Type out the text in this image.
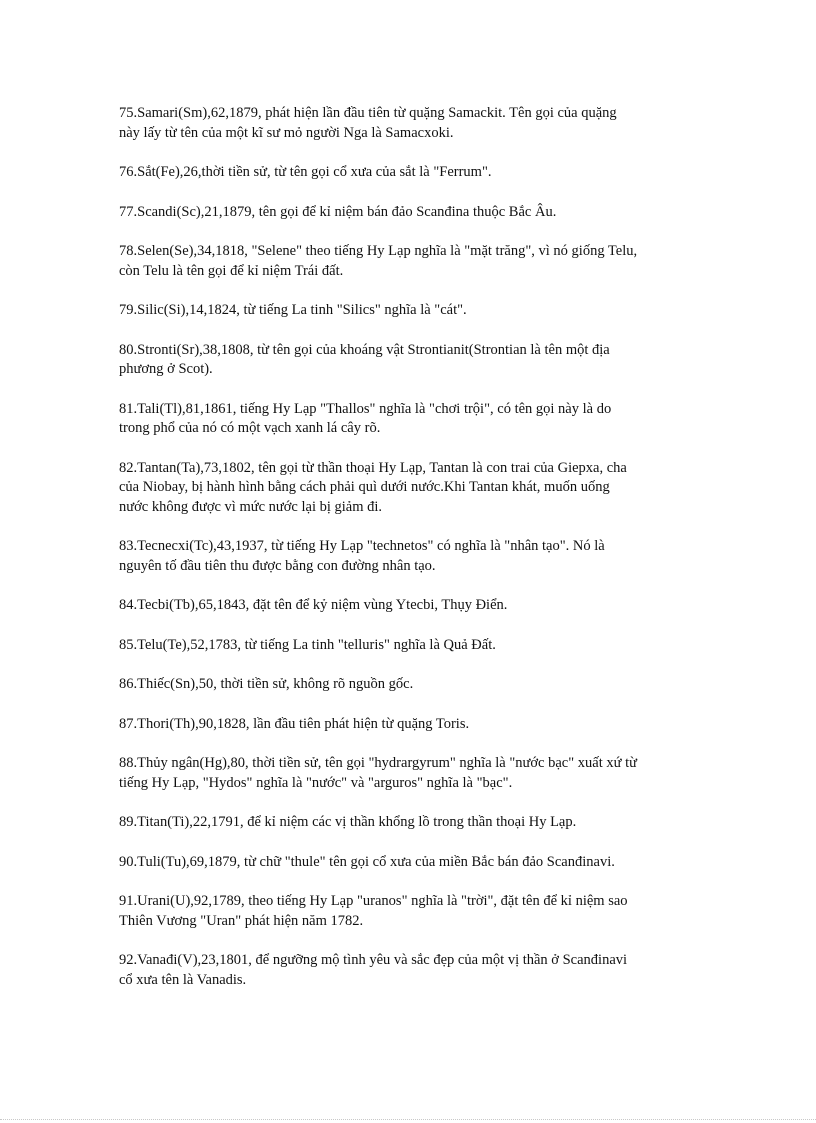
75.Samari(Sm),62,1879, phát hiện lần đầu tiên từ quặng Samackit. Tên gọi của quặng
này lấy từ tên của một kĩ sư mỏ người Nga là Samacxoki.

76.Sắt(Fe),26,thời tiền sử, từ tên gọi cổ xưa của sắt là "Ferrum".

77.Scandi(Sc),21,1879, tên gọi để kỉ niệm bán đảo Scanđina thuộc Bắc Âu.

78.Selen(Se),34,1818, "Selene" theo tiếng Hy Lạp nghĩa là "mặt trăng", vì nó giống Telu,
còn Telu là tên gọi để kỉ niệm Trái đất.

79.Silic(Si),14,1824, từ tiếng La tinh "Silics" nghĩa là "cát".

80.Stronti(Sr),38,1808, từ tên gọi của khoáng vật Strontianit(Strontian là tên một địa
phương ở Scot).

81.Tali(Tl),81,1861, tiếng Hy Lạp "Thallos" nghĩa là "chơi trội", có tên gọi này là do
trong phổ của nó có một vạch xanh lá cây rõ.

82.Tantan(Ta),73,1802, tên gọi từ thần thoại Hy Lạp, Tantan là con trai của Giepxa, cha
của Niobay, bị hành hình bằng cách phải quì dưới nước.Khi Tantan khát, muốn uống
nước không được vì mức nước lại bị giảm đi.

83.Tecnecxi(Tc),43,1937, từ tiếng Hy Lạp "technetos" có nghĩa là "nhân tạo". Nó là
nguyên tố đầu tiên thu được bằng con đường nhân tạo.

84.Tecbi(Tb),65,1843, đặt tên để kỷ niệm vùng Ytecbi, Thụy Điển.

85.Telu(Te),52,1783, từ tiếng La tinh "telluris" nghĩa là Quả Đất.

86.Thiếc(Sn),50, thời tiền sử, không rõ nguồn gốc.

87.Thori(Th),90,1828, lần đầu tiên phát hiện từ quặng Toris.

88.Thủy ngân(Hg),80, thời tiền sử, tên gọi "hydrargyrum" nghĩa là "nước bạc" xuất xứ từ
tiếng Hy Lạp, "Hydos" nghĩa là "nước" và "arguros" nghĩa là "bạc".

89.Titan(Ti),22,1791, để kỉ niệm các vị thần khổng lồ trong thần thoại Hy Lạp.

90.Tuli(Tu),69,1879, từ chữ "thule" tên gọi cổ xưa của miền Bắc bán đảo Scanđinavi.

91.Urani(U),92,1789, theo tiếng Hy Lạp "uranos" nghĩa là "trời", đặt tên để kỉ niệm sao
Thiên Vương "Uran" phát hiện năm 1782.

92.Vanađi(V),23,1801, để ngưỡng mộ tình yêu và sắc đẹp của một vị thần ở Scanđinavi
cổ xưa tên là Vanadis.
